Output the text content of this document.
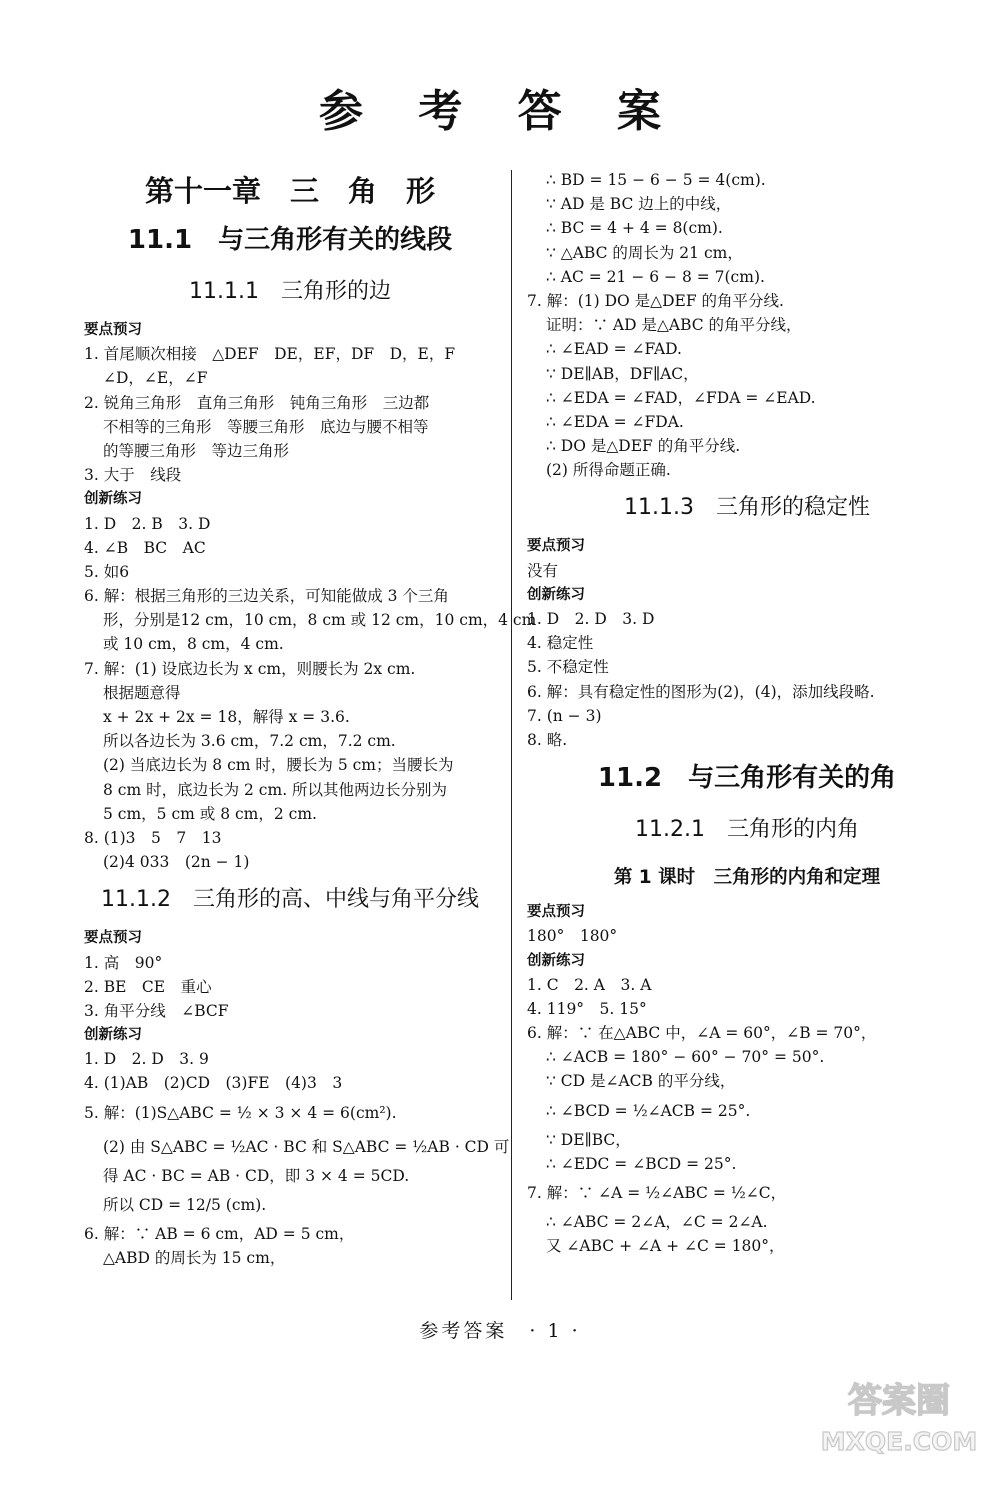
参 考 答 案
第十一章　三　角　形
11.1　与三角形有关的线段
11.1.1　三角形的边
要点预习
1. 首尾顺次相接　△DEF　DE，EF，DF　D，E，F
∠D，∠E，∠F
2. 锐角三角形　直角三角形　钝角三角形　三边都
不相等的三角形　等腰三角形　底边与腰不相等
的等腰三角形　等边三角形
3. 大于　线段
创新练习
1. D　2. B　3. D
4. ∠B　BC　AC
5. 如6
6. 解：根据三角形的三边关系，可知能做成 3 个三角
形，分别是12 cm，10 cm，8 cm 或 12 cm，10 cm，4 cm
或 10 cm，8 cm，4 cm.
7. 解：(1) 设底边长为 x cm，则腰长为 2x cm.
根据题意得
x + 2x + 2x = 18，解得 x = 3.6.
所以各边长为 3.6 cm，7.2 cm，7.2 cm.
(2) 当底边长为 8 cm 时，腰长为 5 cm；当腰长为
8 cm 时，底边长为 2 cm. 所以其他两边长分别为
5 cm，5 cm 或 8 cm，2 cm.
8. (1)3　5　7　13
(2)4 033　(2n − 1)
11.1.2　三角形的高、中线与角平分线
要点预习
1. 高　90°
2. BE　CE　重心
3. 角平分线　∠BCF
创新练习
1. D　2. D　3. 9
4. (1)AB　(2)CD　(3)FE　(4)3　3
5. 解：(1)S△ABC = ½ × 3 × 4 = 6(cm²).
(2) 由 S△ABC = ½AC · BC 和 S△ABC = ½AB · CD 可
得 AC · BC = AB · CD，即 3 × 4 = 5CD.
所以 CD = 12/5 (cm).
6. 解：∵ AB = 6 cm，AD = 5 cm，
△ABD 的周长为 15 cm，
∴ BD = 15 − 6 − 5 = 4(cm).
∵ AD 是 BC 边上的中线，
∴ BC = 4 + 4 = 8(cm).
∵ △ABC 的周长为 21 cm，
∴ AC = 21 − 6 − 8 = 7(cm).
7. 解：(1) DO 是△DEF 的角平分线.
证明：∵ AD 是△ABC 的角平分线，
∴ ∠EAD = ∠FAD.
∵ DE∥AB，DF∥AC，
∴ ∠EDA = ∠FAD，∠FDA = ∠EAD.
∴ ∠EDA = ∠FDA.
∴ DO 是△DEF 的角平分线.
(2) 所得命题正确.
11.1.3　三角形的稳定性
要点预习
没有
创新练习
1. D　2. D　3. D
4. 稳定性
5. 不稳定性
6. 解：具有稳定性的图形为(2)，(4)，添加线段略.
7. (n − 3)
8. 略.
11.2　与三角形有关的角
11.2.1　三角形的内角
第 1 课时　三角形的内角和定理
要点预习
180°　180°
创新练习
1. C　2. A　3. A
4. 119°　5. 15°
6. 解：∵ 在△ABC 中，∠A = 60°，∠B = 70°，
∴ ∠ACB = 180° − 60° − 70° = 50°.
∵ CD 是∠ACB 的平分线，
∴ ∠BCD = ½∠ACB = 25°.
∵ DE∥BC，
∴ ∠EDC = ∠BCD = 25°.
7. 解：∵ ∠A = ½∠ABC = ½∠C，
∴ ∠ABC = 2∠A，∠C = 2∠A.
又 ∠ABC + ∠A + ∠C = 180°，
参考答案　· 1 ·
答案圈
MXQE.COM
